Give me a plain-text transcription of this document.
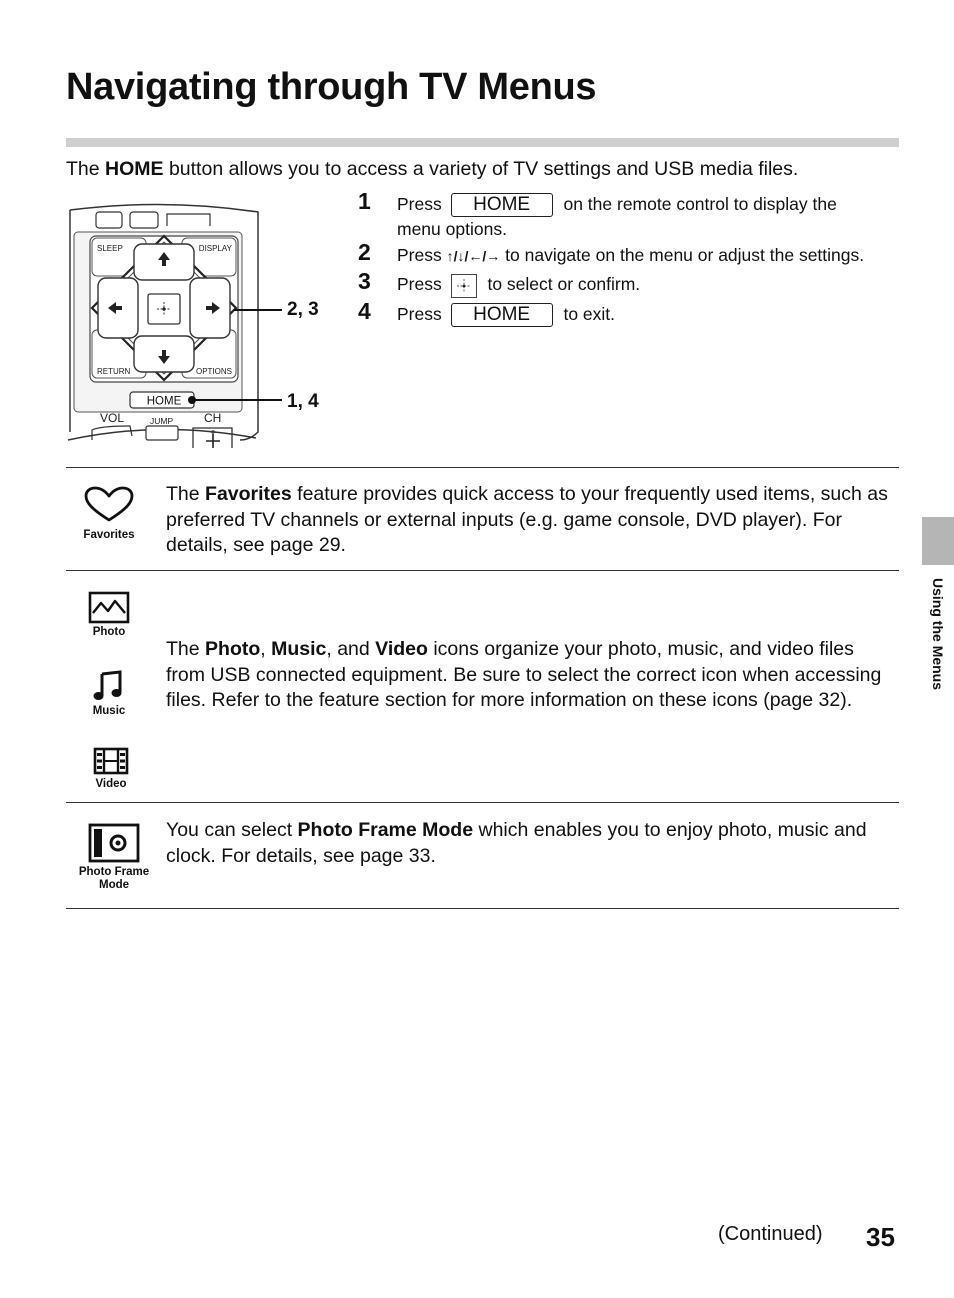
Navigating through TV Menus
The HOME button allows you to access a variety of TV settings and USB media files.
SLEEP	DISPLAY
RETURN	OPTIONS
HOME
VOL	JUMP	CH
2, 3
1, 4
1 Press HOME on the remote control to display the menu options.
2 Press ↑/↓/←/→ to navigate on the menu or adjust the settings.
3 Press
to select or confirm.
4 Press HOME to exit.
Favorites
The Favorites feature provides quick access to your frequently used items, such as preferred TV channels or external inputs (e.g. game console, DVD player). For details, see page 29.
Photo
Music
Video
The Photo, Music, and Video icons organize your photo, music, and video files from USB connected equipment. Be sure to select the correct icon when accessing files. Refer to the feature section for more information on these icons (page 32).
Photo Frame
Mode
You can select Photo Frame Mode which enables you to enjoy photo, music and clock. For details, see page 33.
Using the Menus
(Continued) 35
